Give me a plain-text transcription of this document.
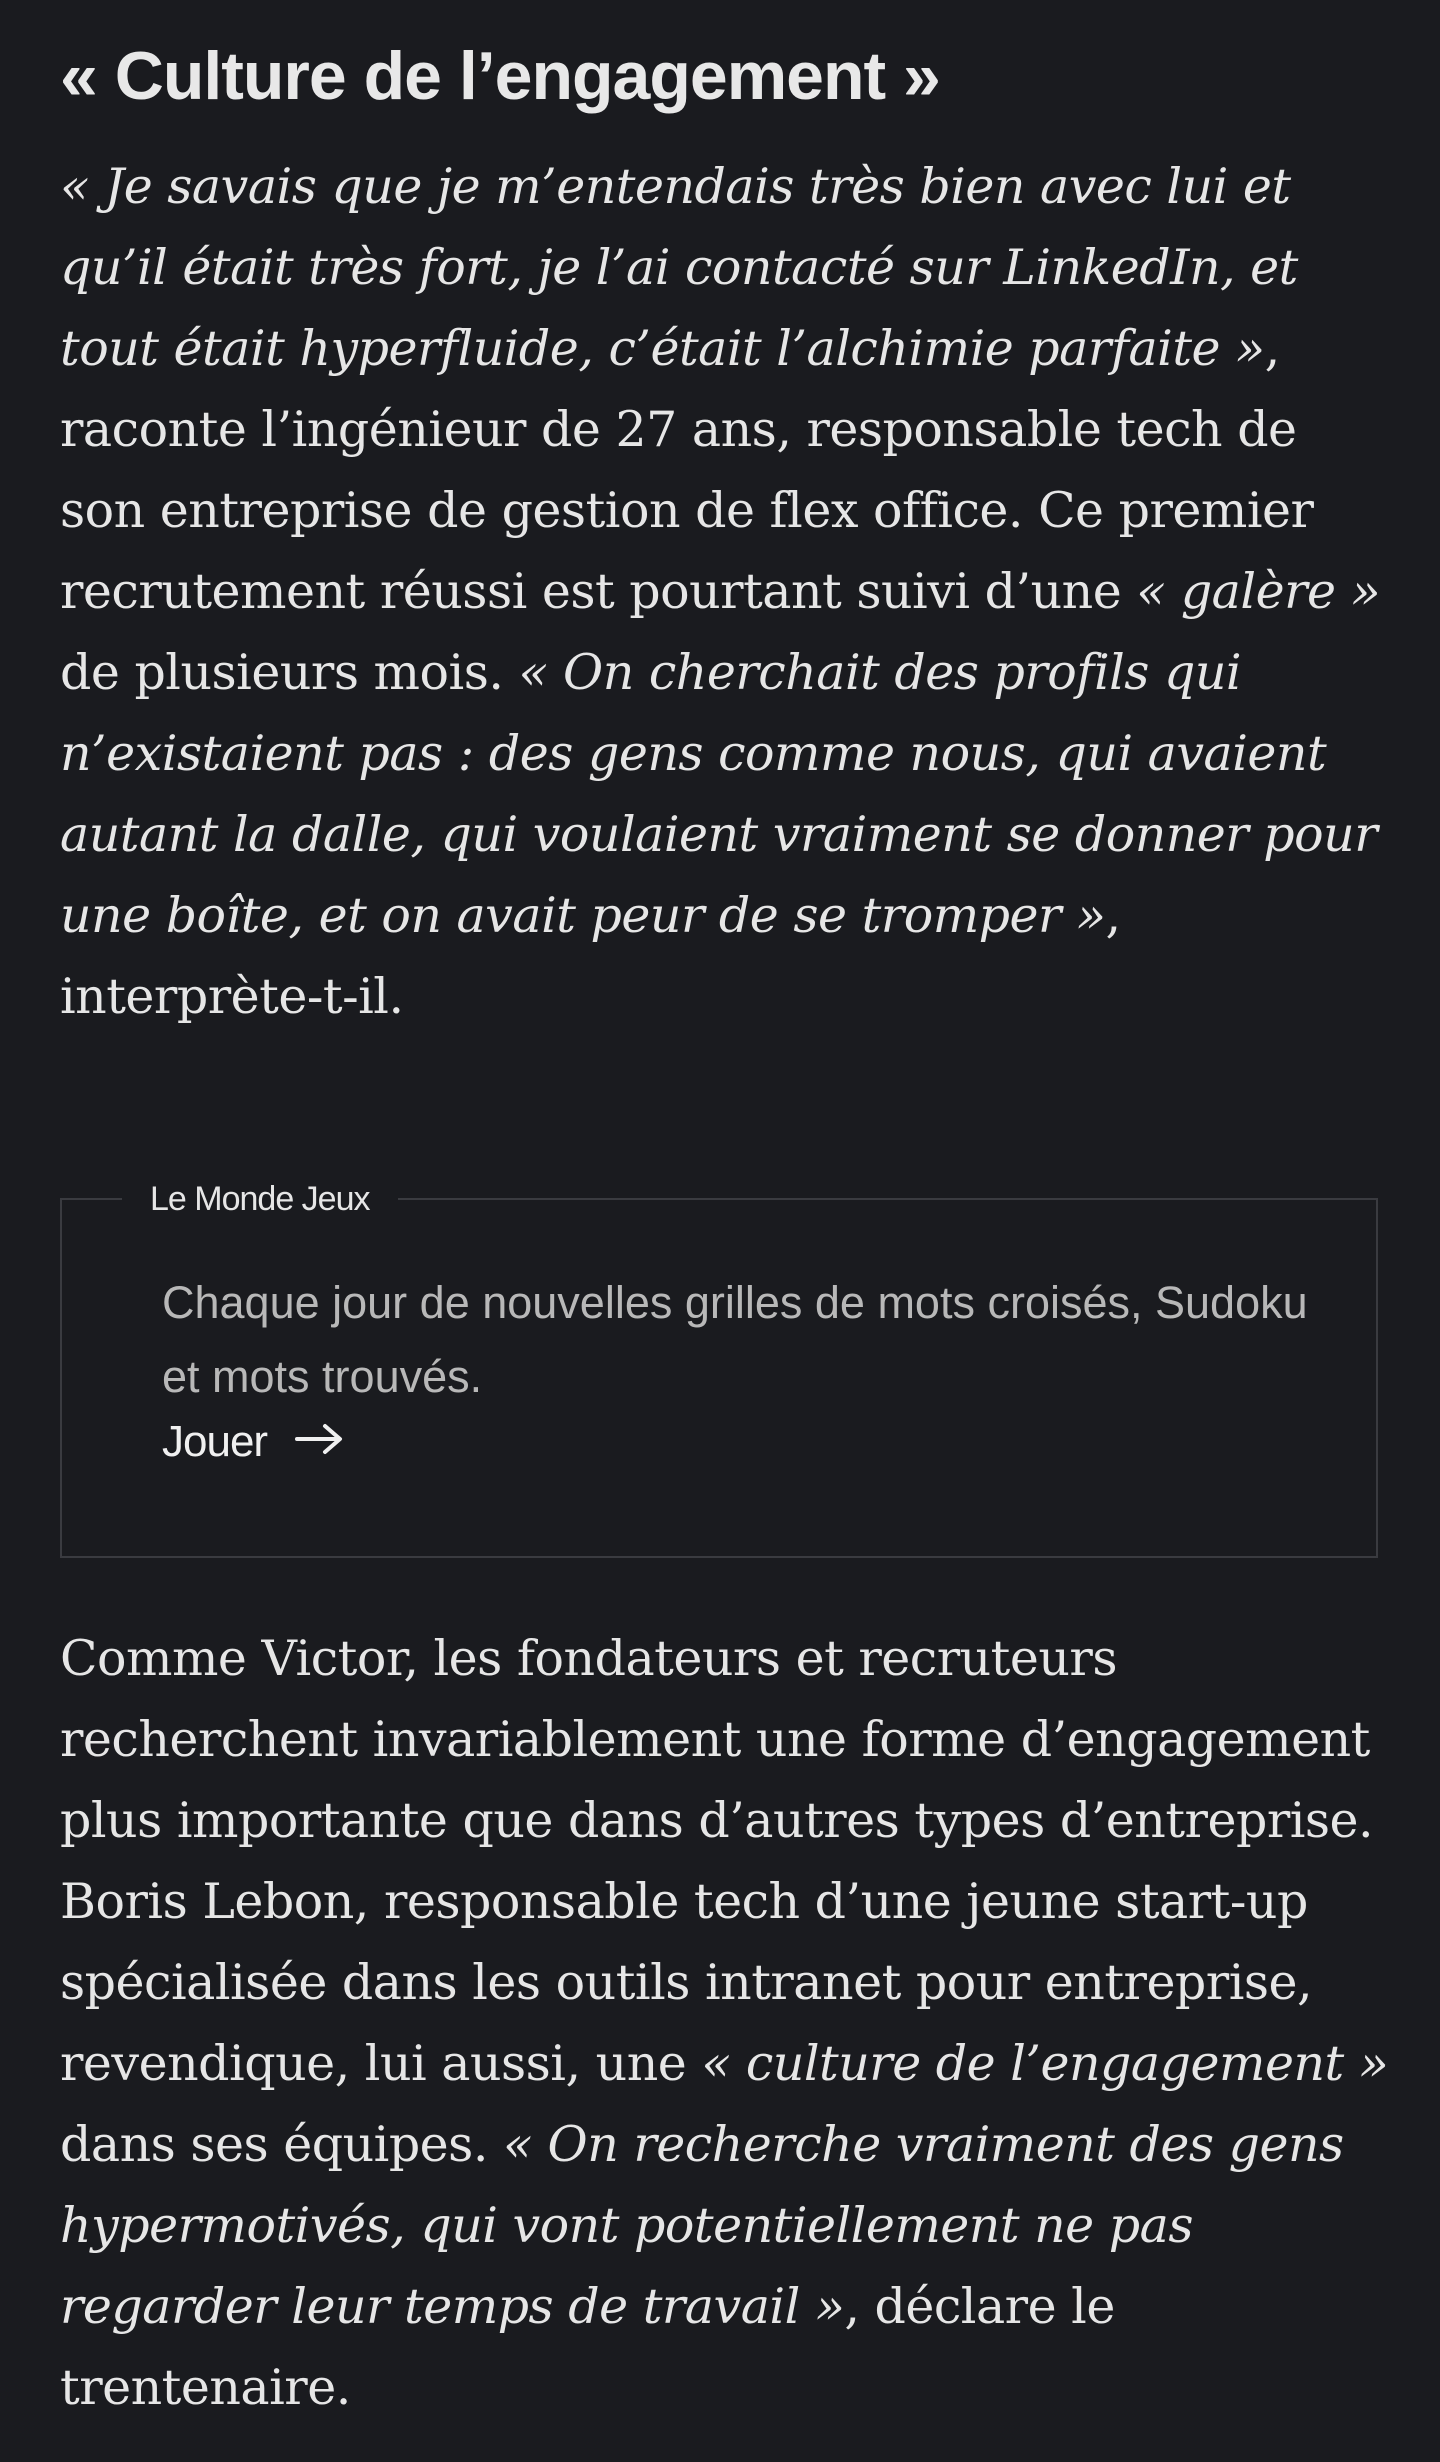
« Culture de l’engagement »

« Je savais que je m’entendais très bien avec lui et qu’il était très fort, je l’ai contacté sur LinkedIn, et tout était hyperfluide, c’était l’alchimie parfaite », raconte l’ingénieur de 27 ans, responsable tech de son entreprise de gestion de flex office. Ce premier recrutement réussi est pourtant suivi d’une « galère » de plusieurs mois. « On cherchait des profils qui n’existaient pas : des gens comme nous, qui avaient autant la dalle, qui voulaient vraiment se donner pour une boîte, et on avait peur de se tromper », interprète-t-il.

Le Monde Jeux
Chaque jour de nouvelles grilles de mots croisés, Sudoku et mots trouvés.
Jouer

Comme Victor, les fondateurs et recruteurs recherchent invariablement une forme d’engagement plus importante que dans d’autres types d’entreprise. Boris Lebon, responsable tech d’une jeune start-up spécialisée dans les outils intranet pour entreprise, revendique, lui aussi, une « culture de l’engagement » dans ses équipes. « On recherche vraiment des gens hypermotivés, qui vont potentiellement ne pas regarder leur temps de travail », déclare le trentenaire.
